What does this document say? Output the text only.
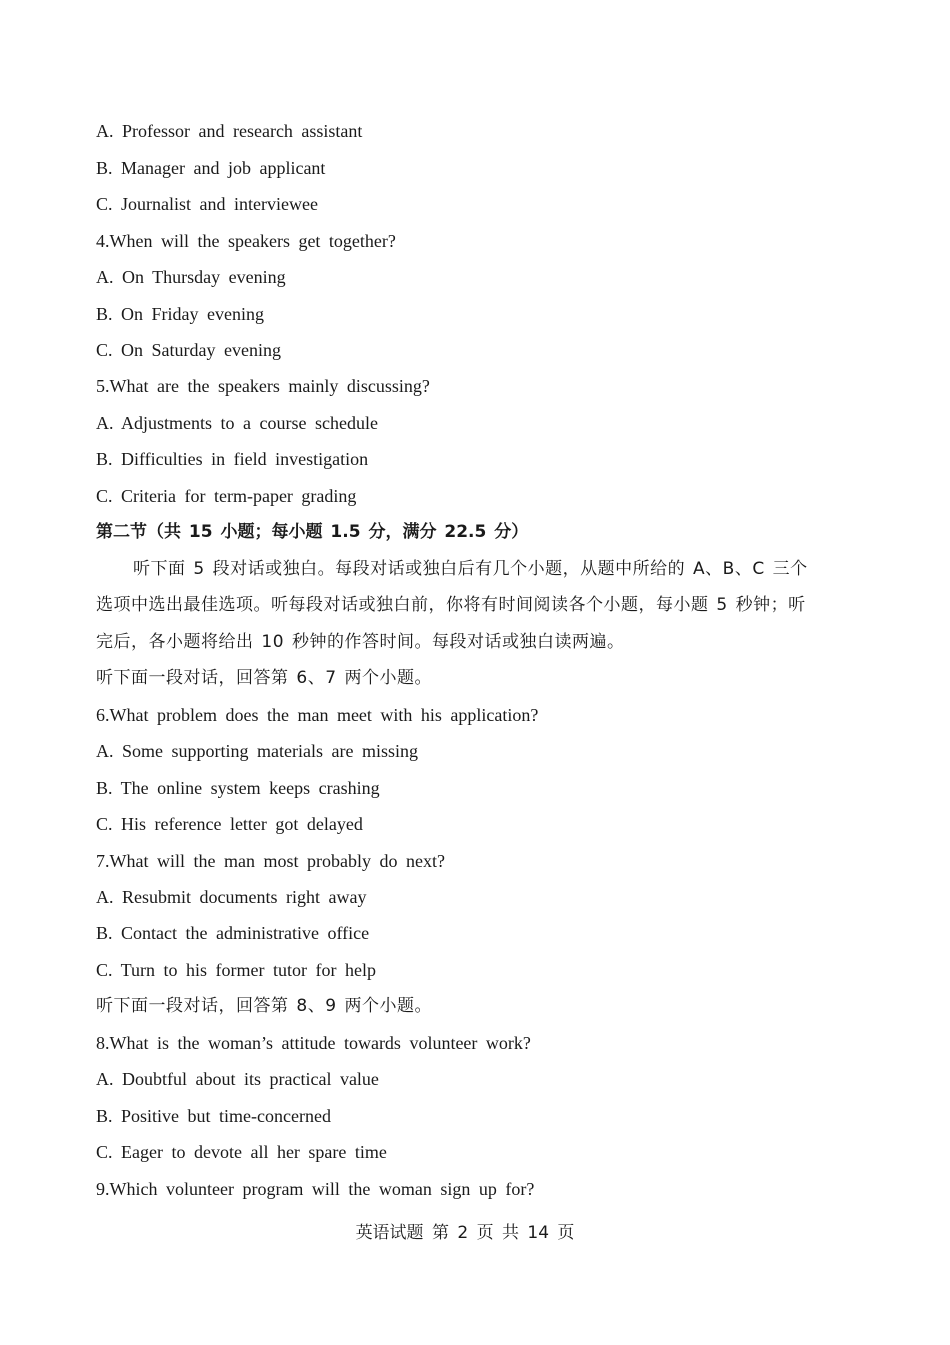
A. Professor and research assistant
B. Manager and job applicant
C. Journalist and interviewee
4.When will the speakers get together?
A. On Thursday evening
B. On Friday evening
C. On Saturday evening
5.What are the speakers mainly discussing?
A. Adjustments to a course schedule
B. Difficulties in field investigation
C. Criteria for term-paper grading
第二节（共 15 小题；每小题 1.5 分，满分 22.5 分）
听下面 5 段对话或独白。每段对话或独白后有几个小题，从题中所给的 A、B、C 三个
选项中选出最佳选项。听每段对话或独白前，你将有时间阅读各个小题，每小题 5 秒钟；听
完后，各小题将给出 10 秒钟的作答时间。每段对话或独白读两遍。
听下面一段对话，回答第 6、7 两个小题。
6.What problem does the man meet with his application?
A. Some supporting materials are missing
B. The online system keeps crashing
C. His reference letter got delayed
7.What will the man most probably do next?
A. Resubmit documents right away
B. Contact the administrative office
C. Turn to his former tutor for help
听下面一段对话，回答第 8、9 两个小题。
8.What is the woman’s attitude towards volunteer work?
A. Doubtful about its practical value
B. Positive but time-concerned
C. Eager to devote all her spare time
9.Which volunteer program will the woman sign up for?
英语试题 第 2 页 共 14 页
